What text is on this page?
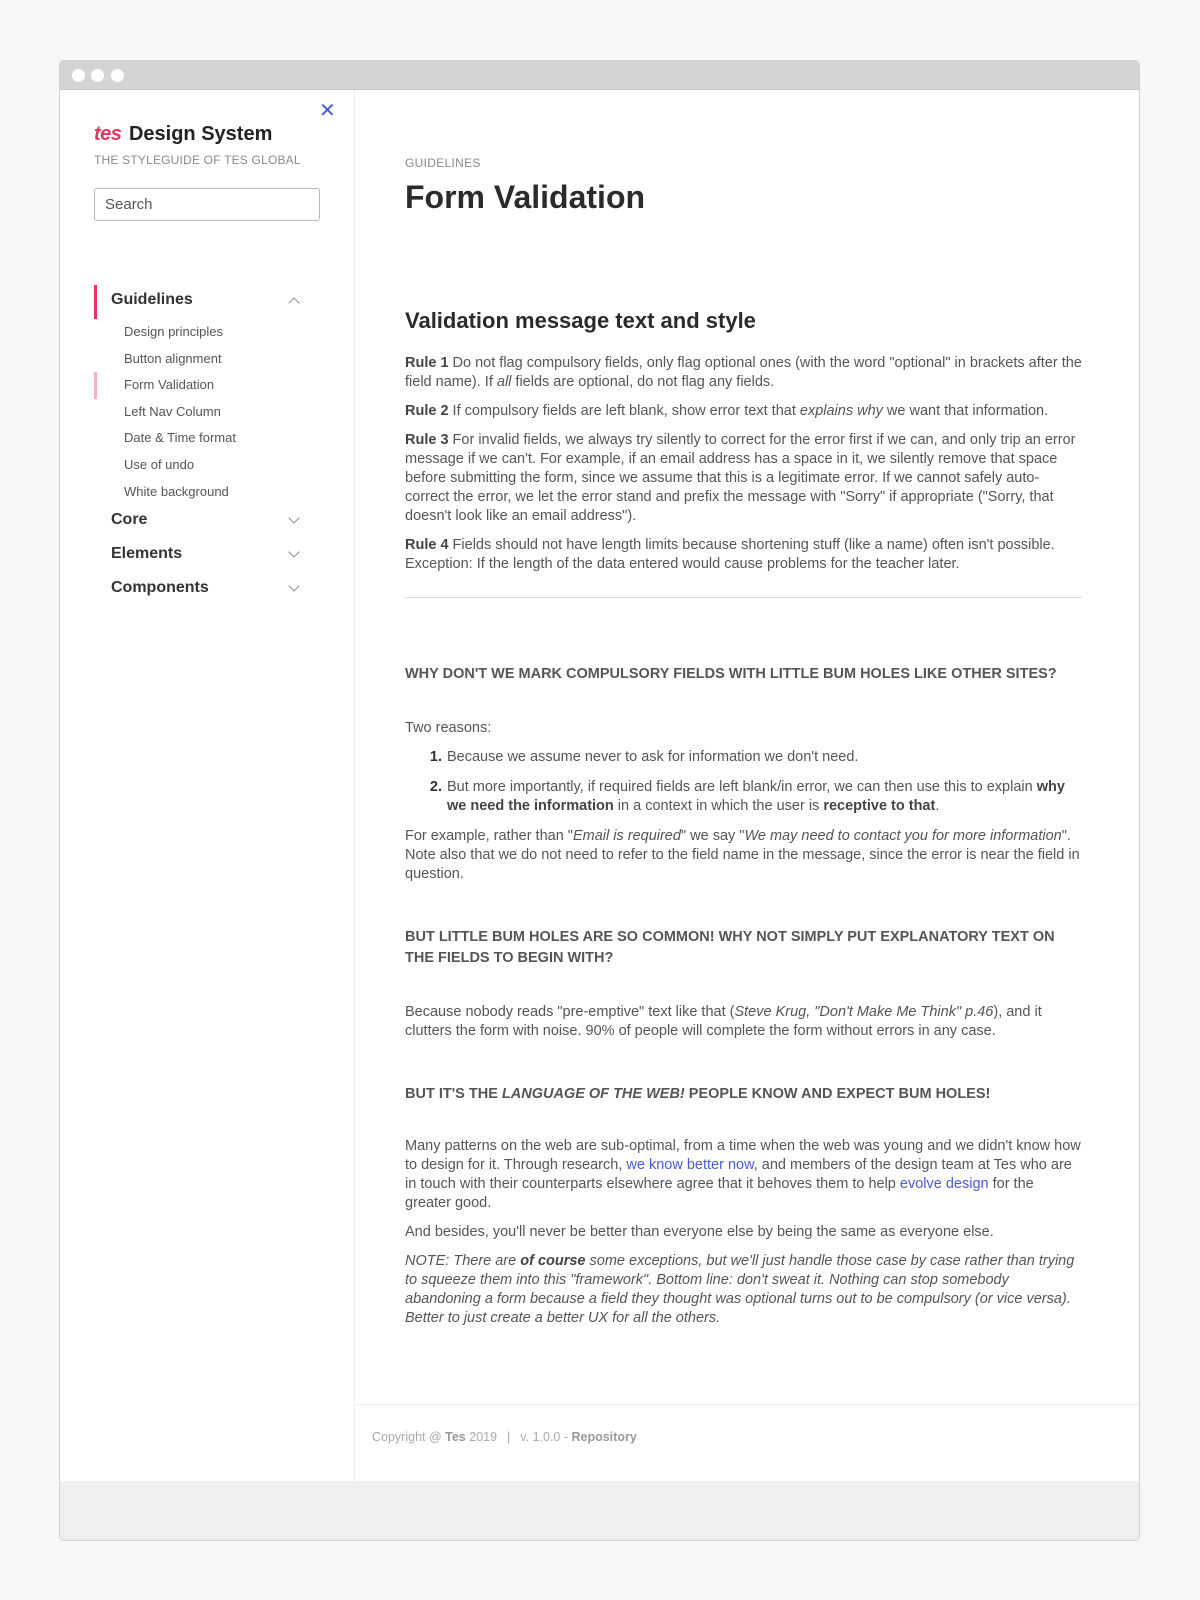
✕
tes Design System
THE STYLEGUIDE OF TES GLOBAL
Search
Guidelines
Design principles
Button alignment
Form Validation
Left Nav Column
Date & Time format
Use of undo
White background
Core
Elements
Components
GUIDELINES
Form Validation
Validation message text and style

Rule 1 Do not flag compulsory fields, only flag optional ones (with the word "optional" in brackets after the field name). If all fields are optional, do not flag any fields.

Rule 2 If compulsory fields are left blank, show error text that explains why we want that information.

Rule 3 For invalid fields, we always try silently to correct for the error first if we can, and only trip an error message if we can't. For example, if an email address has a space in it, we silently remove that space before submitting the form, since we assume that this is a legitimate error. If we cannot safely auto-correct the error, we let the error stand and prefix the message with "Sorry" if appropriate ("Sorry, that doesn't look like an email address").

Rule 4 Fields should not have length limits because shortening stuff (like a name) often isn't possible. Exception: If the length of the data entered would cause problems for the teacher later.

WHY DON'T WE MARK COMPULSORY FIELDS WITH LITTLE BUM HOLES LIKE OTHER SITES?

Two reasons:

1. Because we assume never to ask for information we don't need.
2. But more importantly, if required fields are left blank/in error, we can then use this to explain why we need the information in a context in which the user is receptive to that.

For example, rather than "Email is required" we say "We may need to contact you for more information". Note also that we do not need to refer to the field name in the message, since the error is near the field in question.

BUT LITTLE BUM HOLES ARE SO COMMON! WHY NOT SIMPLY PUT EXPLANATORY TEXT ON THE FIELDS TO BEGIN WITH?

Because nobody reads "pre-emptive" text like that (Steve Krug, "Don't Make Me Think" p.46), and it clutters the form with noise. 90% of people will complete the form without errors in any case.

BUT IT'S THE LANGUAGE OF THE WEB! PEOPLE KNOW AND EXPECT BUM HOLES!

Many patterns on the web are sub-optimal, from a time when the web was young and we didn't know how to design for it. Through research, we know better now, and members of the design team at Tes who are in touch with their counterparts elsewhere agree that it behoves them to help evolve design for the greater good.

And besides, you'll never be better than everyone else by being the same as everyone else.

NOTE: There are of course some exceptions, but we'll just handle those case by case rather than trying to squeeze them into this "framework". Bottom line: don't sweat it. Nothing can stop somebody abandoning a form because a field they thought was optional turns out to be compulsory (or vice versa). Better to just create a better UX for all the others.

Copyright @ Tes 2019 | v. 1.0.0 - Repository
